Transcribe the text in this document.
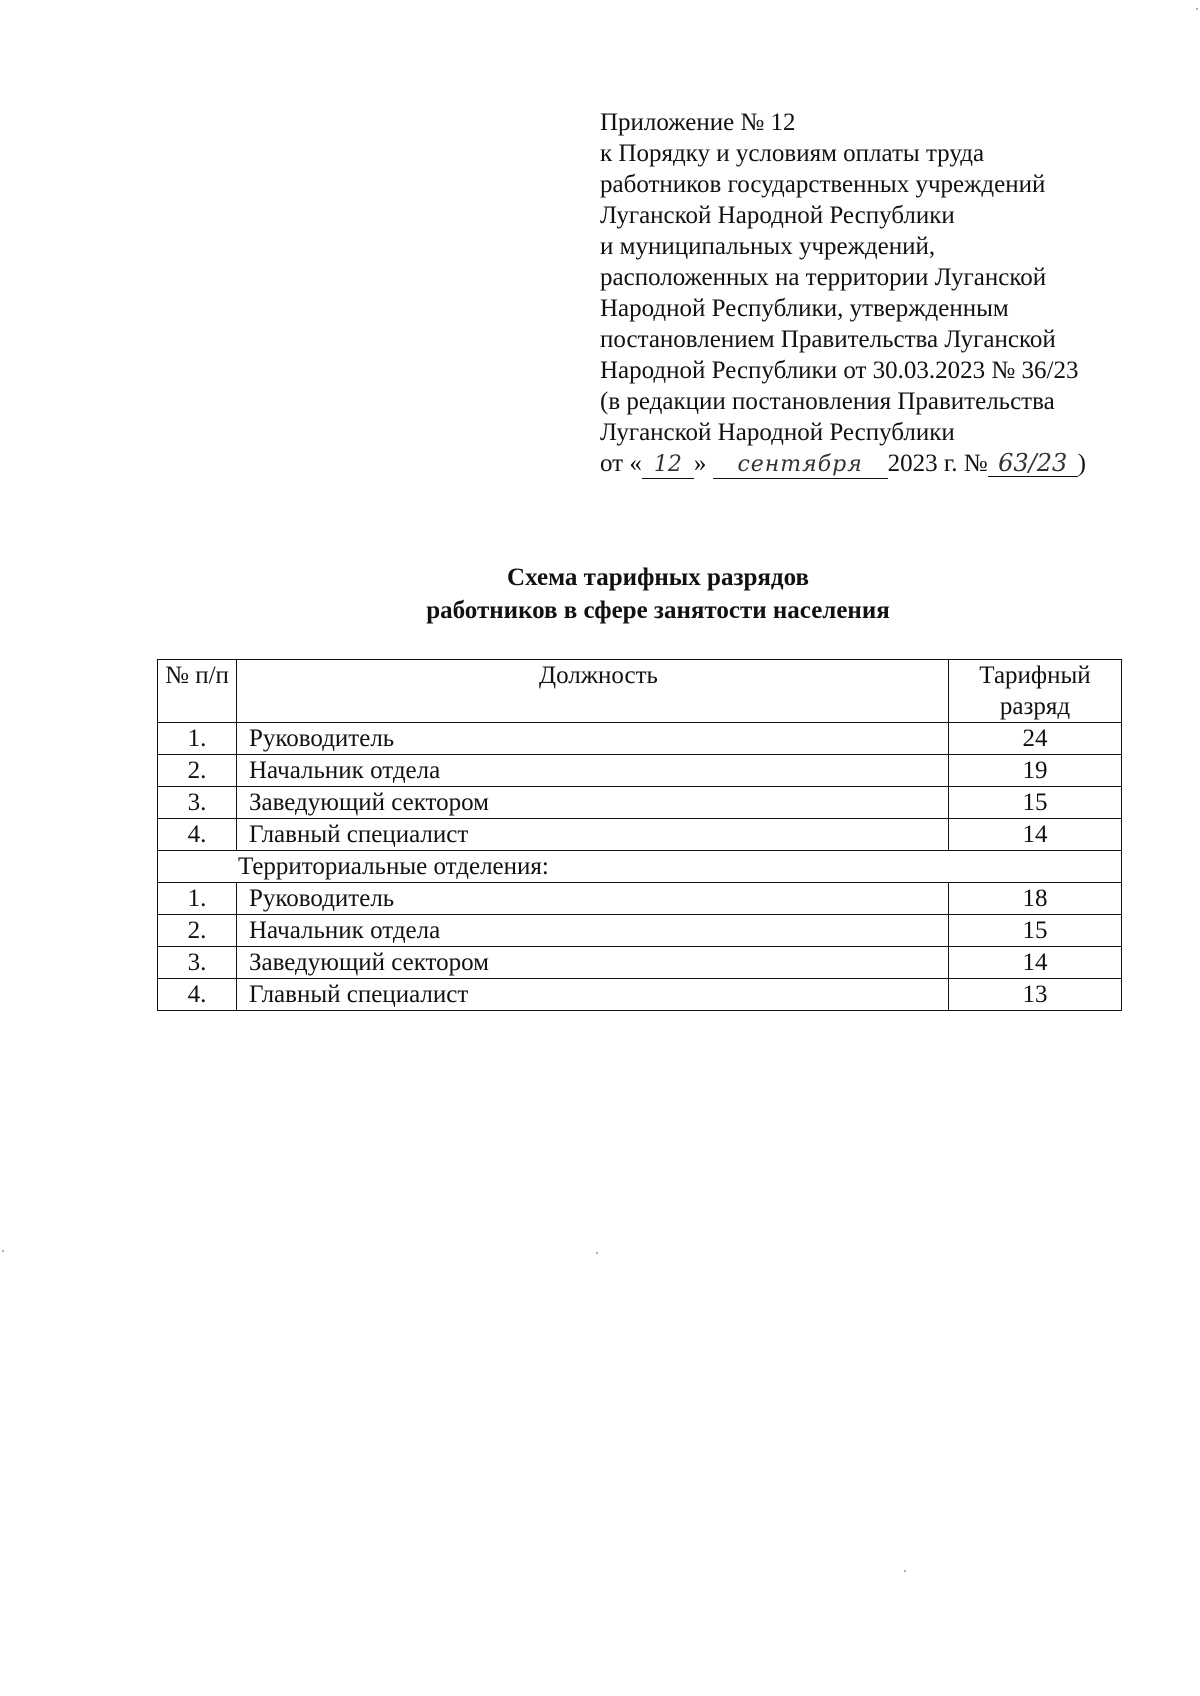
Приложение № 12
к Порядку и условиям оплаты труда
работников государственных учреждений
Луганской Народной Республики
и муниципальных учреждений,
расположенных на территории Луганской
Народной Республики, утвержденным
постановлением Правительства Луганской
Народной Республики от 30.03.2023 № 36/23
(в редакции постановления Правительства
Луганской Народной Республики
от « 12 » сентября 2023 г. № 63/23 )
Схема тарифных разрядов
работников в сфере занятости населения
№ п/п	Должность	Тарифный разряд
1.	Руководитель	24
2.	Начальник отдела	19
3.	Заведующий сектором	15
4.	Главный специалист	14
Территориальные отделения:		
1.	Руководитель	18
2.	Начальник отдела	15
3.	Заведующий сектором	14
4.	Главный специалист	13
